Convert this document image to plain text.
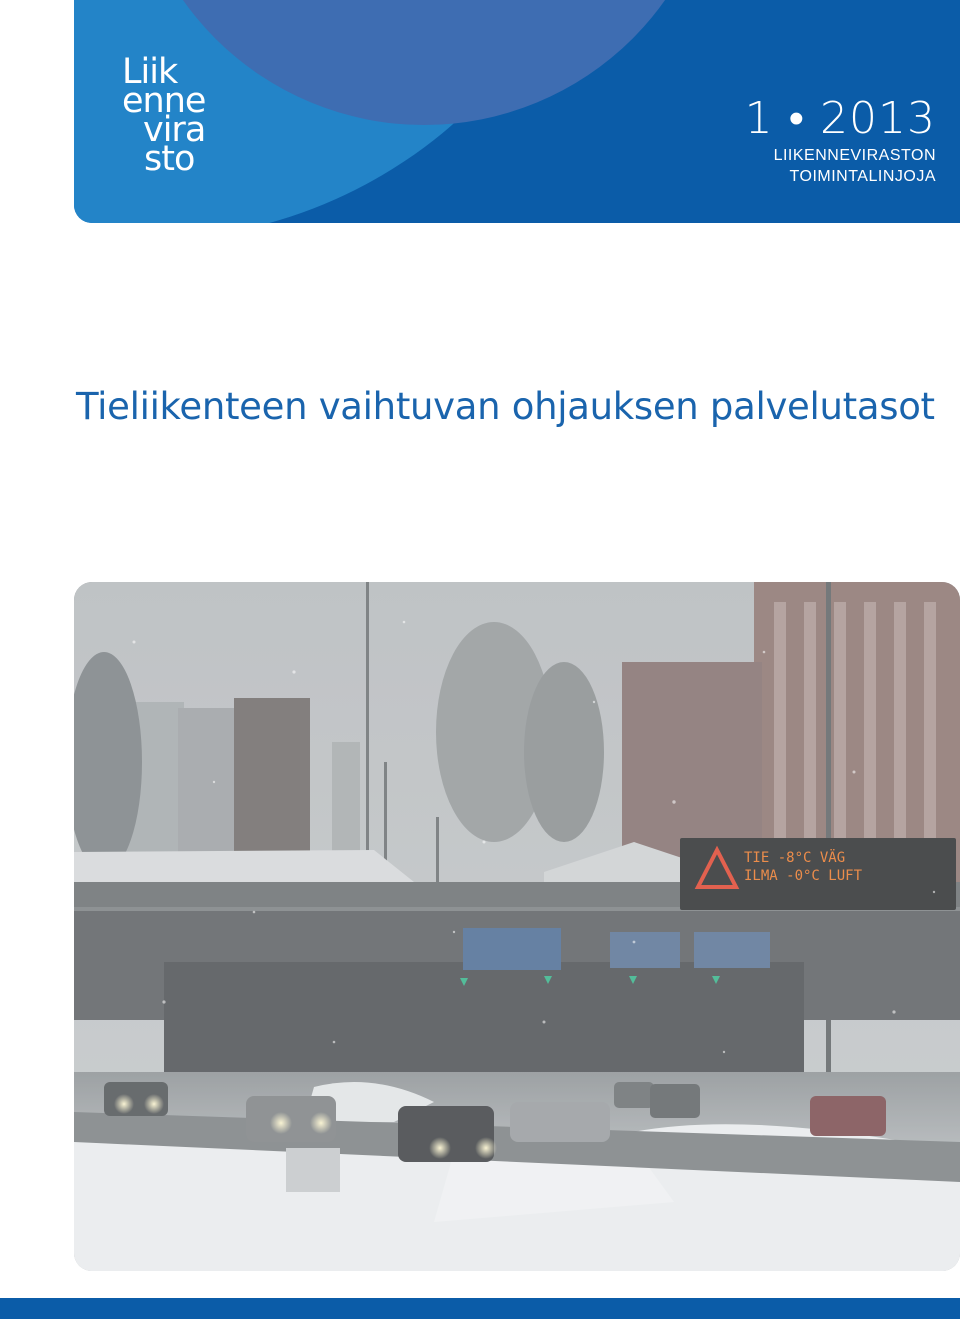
Liik
enne
vira
sto
1 • 2013
LIIKENNEVIRASTON
TOIMINTALINJOJA
Tieliikenteen vaihtuvan ohjauksen palvelutasot
TIE -8°C VÄG
ILMA -0°C LUFT
